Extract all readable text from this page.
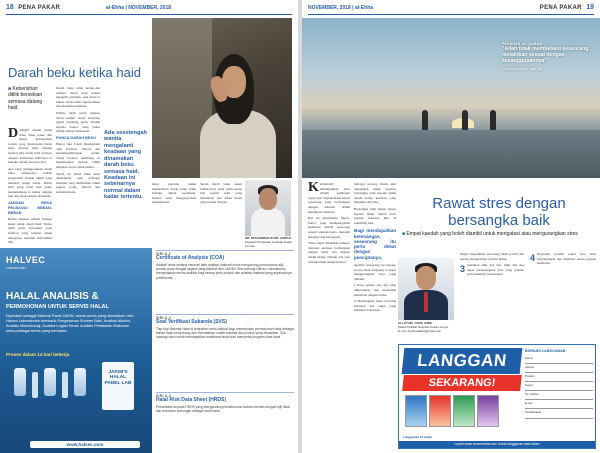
18 PENA PAKAR	al-Ehha | NOVEMBER, 2018
Darah beku ketika haid
■ Kebersihan ditilik bersekian semasa datang haid

DARAH adalah darah tidak biasa tenua dan hanya kebanyakan wanita yang mengalami darah beku semasa haid. Adalah normal jika darah haid berbeza dengan kebiasaan sekiranya ia berlaku dalam satu hari dua.

Apa yang menggerakkan darah beku sebenarnya terkait pergerakan lapisan rahim yang menebal setiap bulan. Darah haid yang tebal atau pekat menunjukkan ia keluar dengan laju dan tidak sempat dicairkan.

JANGAN REKA PELBAGAI BEBAN-BEBAN

Badan terhasil sempat berkata kekal untuk darah haid. Walau lebih perlu bersandiri pada hormon yang sebenar untuk mengatasi masalah kebersihan diri.

Darah beku ialah kedua-dua semasa darah haid keluar mengalir perlahan. Ada masa ia bukan tanda-tanda menandakan ada masalah kesihatan.

Wanita lebih perlu berkata darah sendiri tetapi sebarang gejala berulang perlu dirujuk kepada doktor yang pakar dalam bidang berkenaan.

PUNCA DARAH BEKU

Faktor lain boleh dipengaruhi oleh hormon, fibroid dan ketidakseimbangan tubuh. Tanpa hormon seimbang, ia membuatkan lapisan rahim menebal secara tidak sekata.

Selain itu darah beku turut disebabkan oleh pelbagai masalah yang melibatkan rahim seperti polip, fibroid dan endometriosis.

Ada sesetengah wanita mengalami keadaan yang dinamakan darah beku semasa haid. Keadaan ini sebenarnya normal dalam kadar tertentu.

masa pertama untuk memastikan darah beku tidak berlaku akibat kesihatan. Doktor turut mengesyorkan pemeriksaan.

Selain darah beku, kekal berhati-hati pada tanda-tanda lain seperti sakit yang melampau dan aliran darah yang terlalu banyak.

DR. MUHAMMAD RAZIF AHMAD
Pegawai Perubatan Hospital Kuala Lumpur
HALVEC
LABORATORY
HALAL ANALISIS &
PERMOHONAN UNTUK SERVIS HALAL
Diperakui sebagai Makmal Panel JAKIM, servis-servis yang disediakan oleh Halvec Laboratories termasuk Pengesanan Sumber Babi, Analisis Alkohol, Analisis Mikrobiologi, Analisis Logam Berat, Analisis Perlabelan Makanan serta pelbagai servis yang berkaitan.
Proses dalam 14 hari bekerja
JAKIM'S HALAL PANEL LAB
www.halvec.com
SIRI A 1
Certificate of Analysis (COA)
Adakah anda sedang mencari data analisis makmal untuk menyokong permohonan sijil produk anda dengan segera yang diiktiraf oleh JAKIM? Sila hubungi Halvec Laboratories menyediakan servis analisis bagi semua jenis produk dan analisis makmal yang sepenuhnya profesional.
SIRI A 2
Soal Verifikasi Sukarela (SVS)
Tiap-tiap Makmal Halal di tempatan mesti diiktiraf bagi menentukan permohonan halal sebagai bahan bagi menyokong dan memastikan kualiti makmal dan produk yang dihasilkan. Sila hubungi kami untuk mendapatkan maklumat lanjut dan menyertai program khas kami.
SIRI A 3
Halal Risk Data Sheet (HRDS)
Persediaan kepada HRDS yang mengandungi keseluruhan bahan mentah dengan sijil halal dan dokumen sokongan sebagai bukti halal.
NOVEMBER, 2018 | al-Ehha	PENA PAKAR 19
PESANAN AL-QURAN
"Allah tidak membebani seseorang melainkan sesuai dengan kesanggupannya"
(Surah al-Baqarah, ayat 286)
Rawat stres dengan
bersangka baik
■ Empat kaedah yang boleh diambil untuk mengatasi atau mengurangkan stres

KATAKAN menunjukkan stres adalah gambaran yang tepat bagi keadaan emosi seseorang yang berhadapan dengan tekanan dalam kehidupan seharian.

Hal ini disebabkan faktor-faktor yang mempengaruhi kesihatan mental seseorang seperti tekanan kerja, masalah keluarga dan kewangan.

Tiada dapat dinafikan bahawa manusia sentiasa berhadapan dengan ujian dan dugaan dalam hidup. Namun ada cara terbaik untuk mengatasinya.

Sebagai seorang Islam, kita dianjurkan untuk sentiasa bersangka baik kepada Allah dalam setiap keadaan yang menimpa diri kita.

Bersangka baik bukan hanya kepada Allah, malah turut kepada manusia lain di sekeliling kita.

Bagi mendapatkan ketenangan, seseorang itu perlu dekat dengan penciptanya.

Apabila seseorang itu tenang, secara tidak langsung ia dapat mengurangkan stres yang dialami.

1 Rasa syukur atas apa yang dikurniakan dan menerima ketentuan dengan redha.

2 Meluangkan masa bersama keluarga dan rakan yang memberi sokongan.

ALLAYUEL YENG JONE
Pakar Psikiatri Hospital Kuala Lumpur
E-mel: drpenapakar@gmail.com

Dapat menjadikan seseorang lebih positif dan tenang menghadapi cabaran hidup.

3 Amalkan zikir dan doa. Zikir dan doa dapat menenangkan jiwa yang gelisah serta memberi ketenangan.

4 Dapatkan nasihat pakar jika stres berpanjangan dan memberi kesan kepada kesihatan.

LANGGAN
SEKARANG!
Langganan 12 bulan
BORANG LANGGANAN
Nama
Alamat
Poskod
Negeri
No. Telefon
E-mel
Tandatangan
Layari www.revermedia.com untuk langganan atas talian
